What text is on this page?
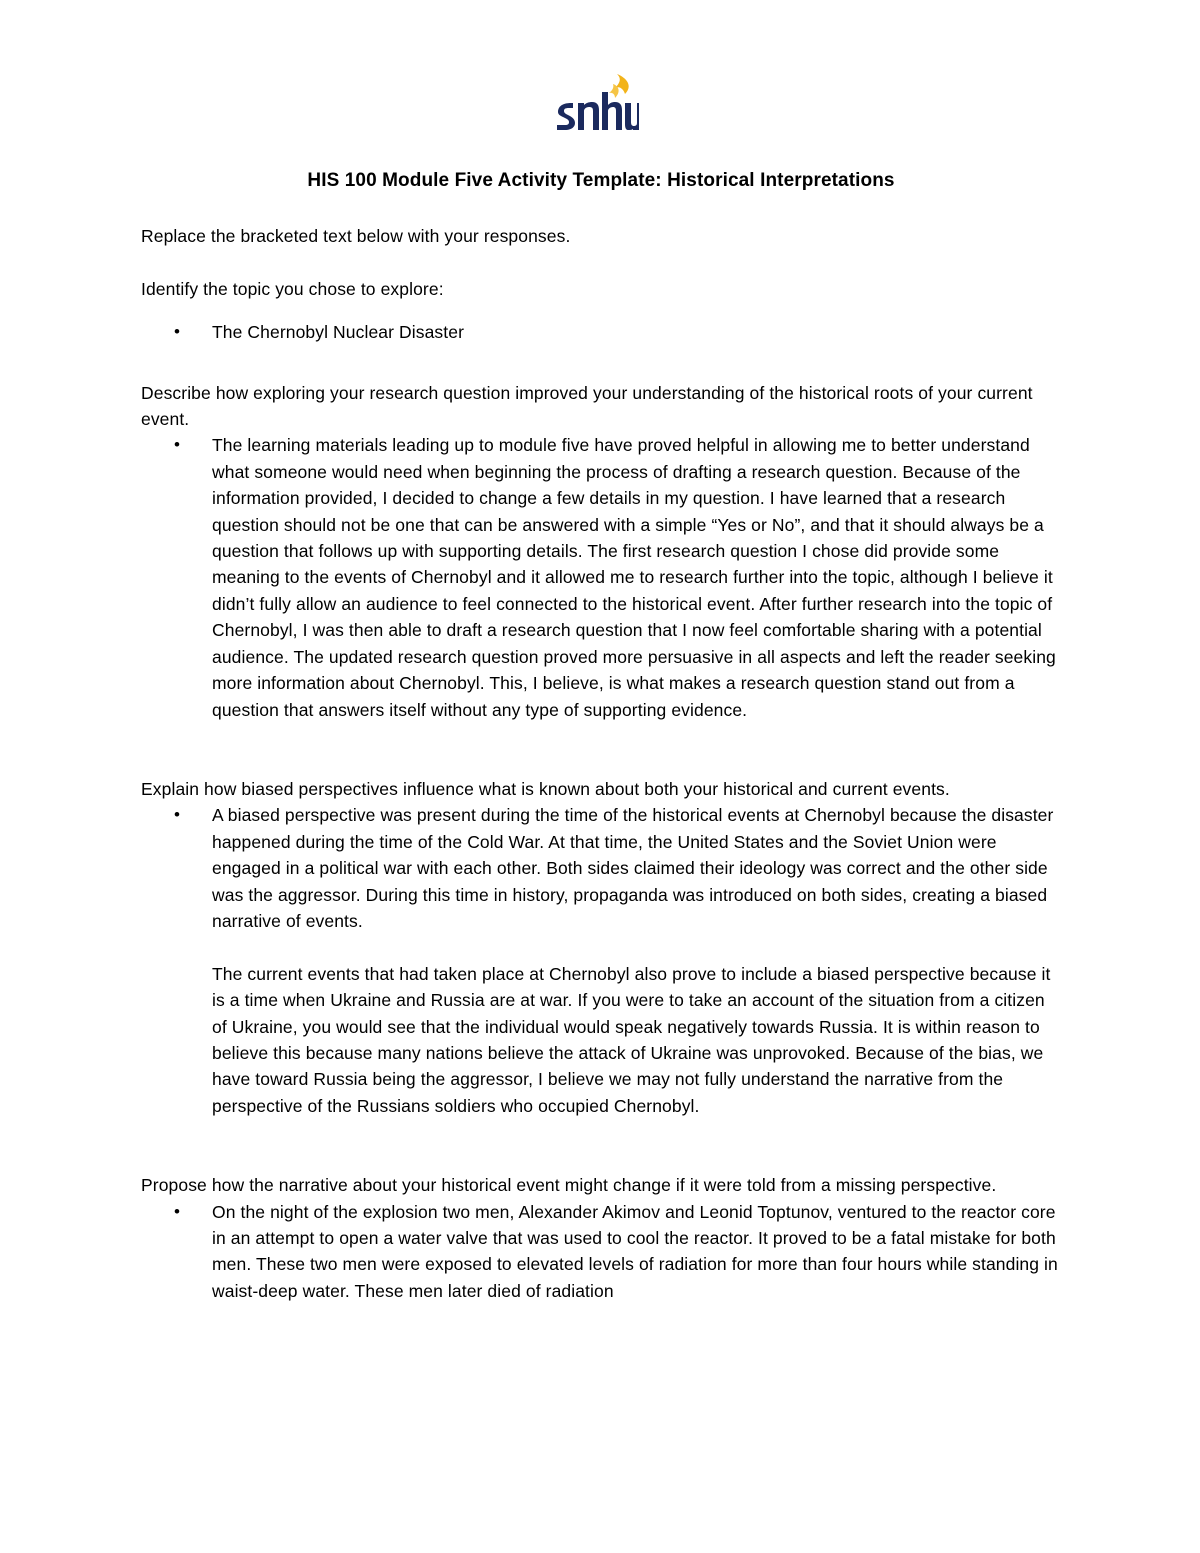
HIS 100 Module Five Activity Template: Historical Interpretations

Replace the bracketed text below with your responses.

Identify the topic you chose to explore:

• The Chernobyl Nuclear Disaster

Describe how exploring your research question improved your understanding of the historical roots of your current event.

• The learning materials leading up to module five have proved helpful in allowing me to better understand what someone would need when beginning the process of drafting a research question. Because of the information provided, I decided to change a few details in my question. I have learned that a research question should not be one that can be answered with a simple “Yes or No”, and that it should always be a question that follows up with supporting details. The first research question I chose did provide some meaning to the events of Chernobyl and it allowed me to research further into the topic, although I believe it didn’t fully allow an audience to feel connected to the historical event. After further research into the topic of Chernobyl, I was then able to draft a research question that I now feel comfortable sharing with a potential audience. The updated research question proved more persuasive in all aspects and left the reader seeking more information about Chernobyl. This, I believe, is what makes a research question stand out from a question that answers itself without any type of supporting evidence.

Explain how biased perspectives influence what is known about both your historical and current events.

• A biased perspective was present during the time of the historical events at Chernobyl because the disaster happened during the time of the Cold War. At that time, the United States and the Soviet Union were engaged in a political war with each other. Both sides claimed their ideology was correct and the other side was the aggressor. During this time in history, propaganda was introduced on both sides, creating a biased narrative of events.

The current events that had taken place at Chernobyl also prove to include a biased perspective because it is a time when Ukraine and Russia are at war. If you were to take an account of the situation from a citizen of Ukraine, you would see that the individual would speak negatively towards Russia. It is within reason to believe this because many nations believe the attack of Ukraine was unprovoked. Because of the bias, we have toward Russia being the aggressor, I believe we may not fully understand the narrative from the perspective of the Russians soldiers who occupied Chernobyl.

Propose how the narrative about your historical event might change if it were told from a missing perspective.

• On the night of the explosion two men, Alexander Akimov and Leonid Toptunov, ventured to the reactor core in an attempt to open a water valve that was used to cool the reactor. It proved to be a fatal mistake for both men. These two men were exposed to elevated levels of radiation for more than four hours while standing in waist-deep water. These men later died of radiation
